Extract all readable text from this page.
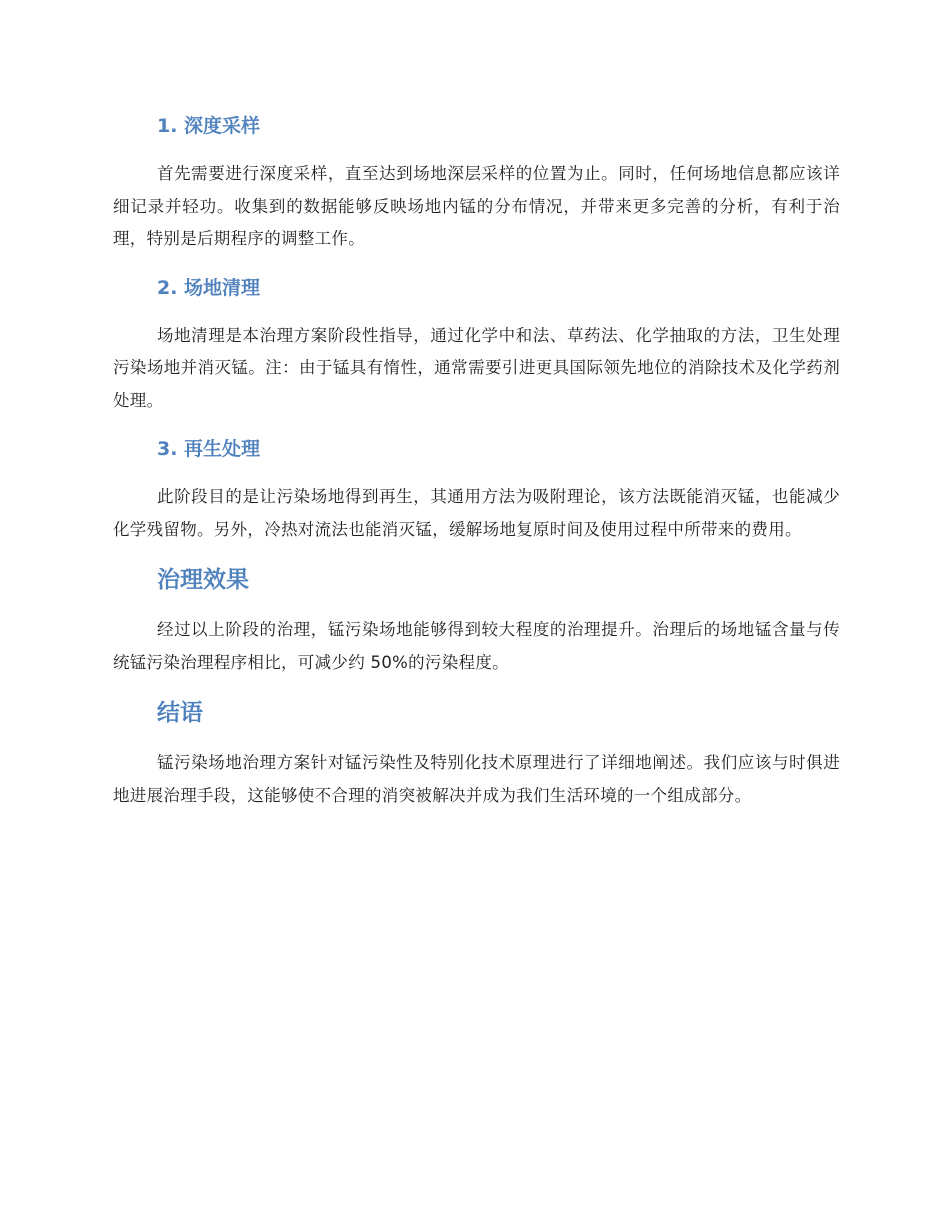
1. 深度采样

首先需要进行深度采样，直至达到场地深层采样的位置为止。同时，任何场地信息都应该详细记录并轻功。收集到的数据能够反映场地内锰的分布情况，并带来更多完善的分析，有利于治理，特别是后期程序的调整工作。

2. 场地清理

场地清理是本治理方案阶段性指导，通过化学中和法、草药法、化学抽取的方法，卫生处理污染场地并消灭锰。注：由于锰具有惰性，通常需要引进更具国际领先地位的消除技术及化学药剂处理。

3. 再生处理

此阶段目的是让污染场地得到再生，其通用方法为吸附理论，该方法既能消灭锰，也能减少化学残留物。另外，冷热对流法也能消灭锰，缓解场地复原时间及使用过程中所带来的费用。

治理效果

经过以上阶段的治理，锰污染场地能够得到较大程度的治理提升。治理后的场地锰含量与传统锰污染治理程序相比，可减少约 50%的污染程度。

结语

锰污染场地治理方案针对锰污染性及特别化技术原理进行了详细地阐述。我们应该与时俱进地进展治理手段，这能够使不合理的消突被解决并成为我们生活环境的一个组成部分。
